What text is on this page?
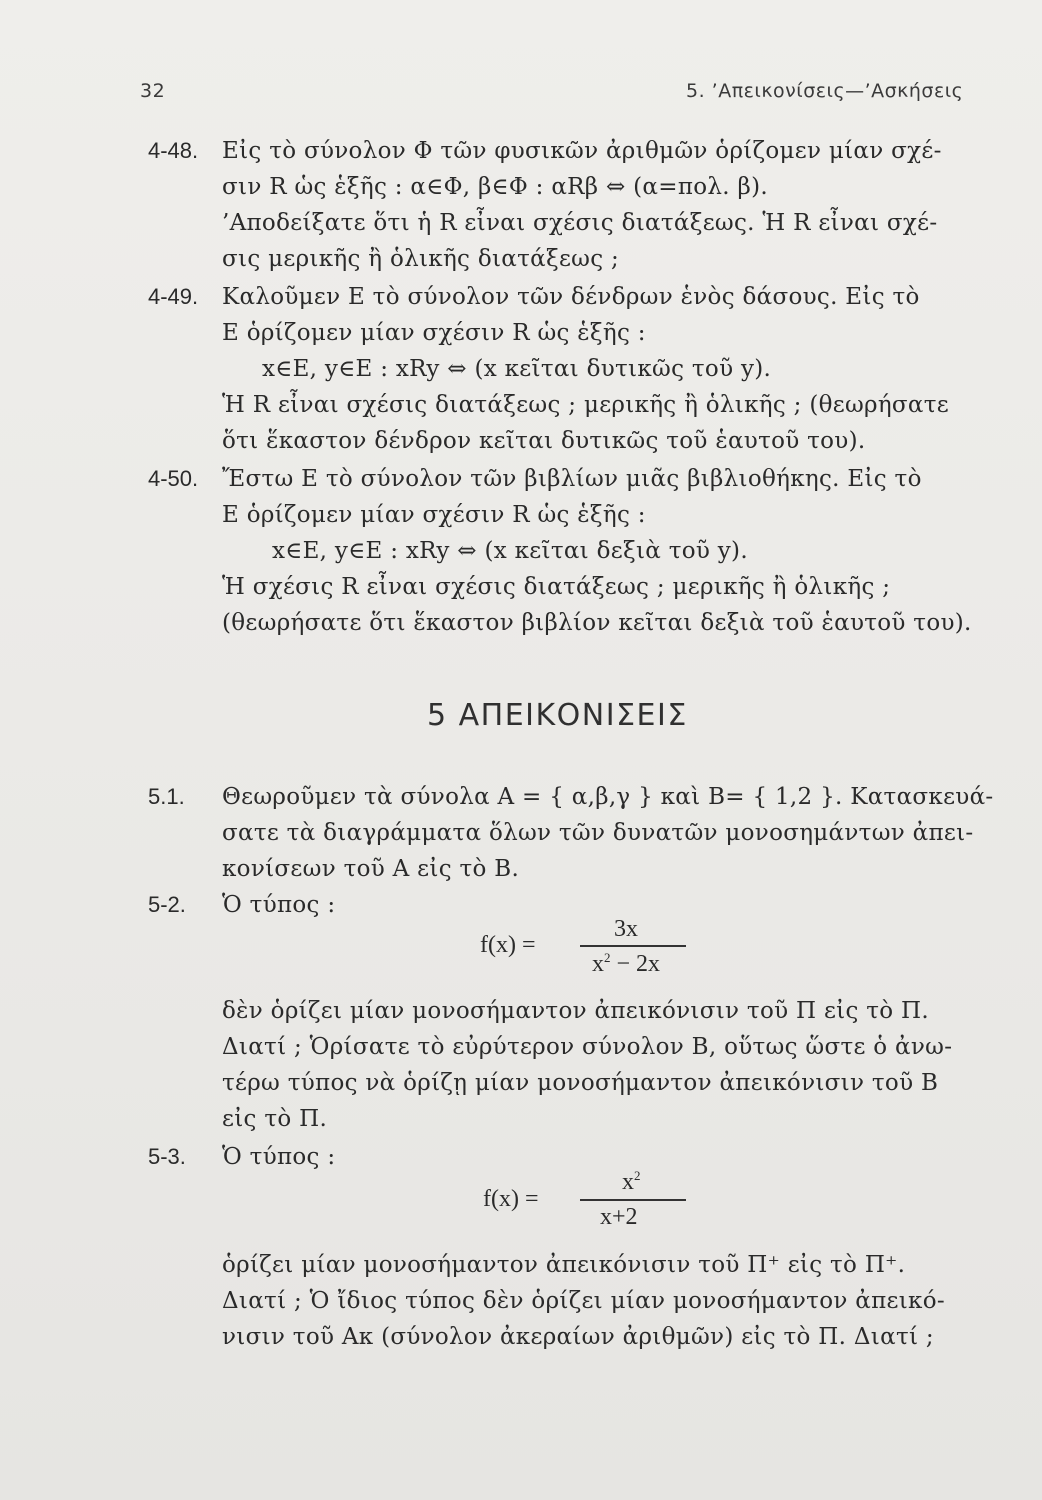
32	5. ’Απεικονίσεις—’Ασκήσεις
4-48. Εἰς τὸ σύνολον Φ τῶν φυσικῶν ἀριθμῶν ὁρίζομεν μίαν σχέ-
σιν R ὡς ἑξῆς : α∈Φ, β∈Φ : αRβ ⇔ (α=πολ. β).
’Αποδείξατε ὅτι ἡ R εἶναι σχέσις διατάξεως. Ἡ R εἶναι σχέ-
σις μερικῆς ἢ ὁλικῆς διατάξεως ;
4-49. Καλοῦμεν E τὸ σύνολον τῶν δένδρων ἑνὸς δάσους. Εἰς τὸ
E ὁρίζομεν μίαν σχέσιν R ὡς ἑξῆς :
x∈E, y∈E : xRy ⇔ (x κεῖται δυτικῶς τοῦ y).
Ἡ R εἶναι σχέσις διατάξεως ; μερικῆς ἢ ὁλικῆς ; (θεωρήσατε
ὅτι ἕκαστον δένδρον κεῖται δυτικῶς τοῦ ἑαυτοῦ του).
4-50. Ἔστω E τὸ σύνολον τῶν βιβλίων μιᾶς βιβλιοθήκης. Εἰς τὸ
E ὁρίζομεν μίαν σχέσιν R ὡς ἑξῆς :
x∈E, y∈E : xRy ⇔ (x κεῖται δεξιὰ τοῦ y).
Ἡ σχέσις R εἶναι σχέσις διατάξεως ; μερικῆς ἢ ὁλικῆς ;
(θεωρήσατε ὅτι ἕκαστον βιβλίον κεῖται δεξιὰ τοῦ ἑαυτοῦ του).
5 ΑΠΕΙΚΟΝΙΣΕΙΣ
5.1. Θεωροῦμεν τὰ σύνολα A = { α,β,γ } καὶ B= { 1,2 }. Κατασκευά-
σατε τὰ διαγράμματα ὅλων τῶν δυνατῶν μονοσημάντων ἀπει-
κονίσεων τοῦ A εἰς τὸ B.
5-2. Ὁ τύπος :
f(x) =
3x
$x^2 - 2x$
δὲν ὁρίζει μίαν μονοσήμαντον ἀπεικόνισιν τοῦ Π εἰς τὸ Π.
Διατί ; Ὁρίσατε τὸ εὐρύτερον σύνολον B, οὕτως ὥστε ὁ ἀνω-
τέρω τύπος νὰ ὁρίζῃ μίαν μονοσήμαντον ἀπεικόνισιν τοῦ B
εἰς τὸ Π.
5-3. Ὁ τύπος :
f(x) =
$x^2$
x+2
ὁρίζει μίαν μονοσήμαντον ἀπεικόνισιν τοῦ Π⁺ εἰς τὸ Π⁺.
Διατί ; Ὁ ἴδιος τύπος δὲν ὁρίζει μίαν μονοσήμαντον ἀπεικό-
νισιν τοῦ Aκ (σύνολον ἀκεραίων ἀριθμῶν) εἰς τὸ Π. Διατί ;
